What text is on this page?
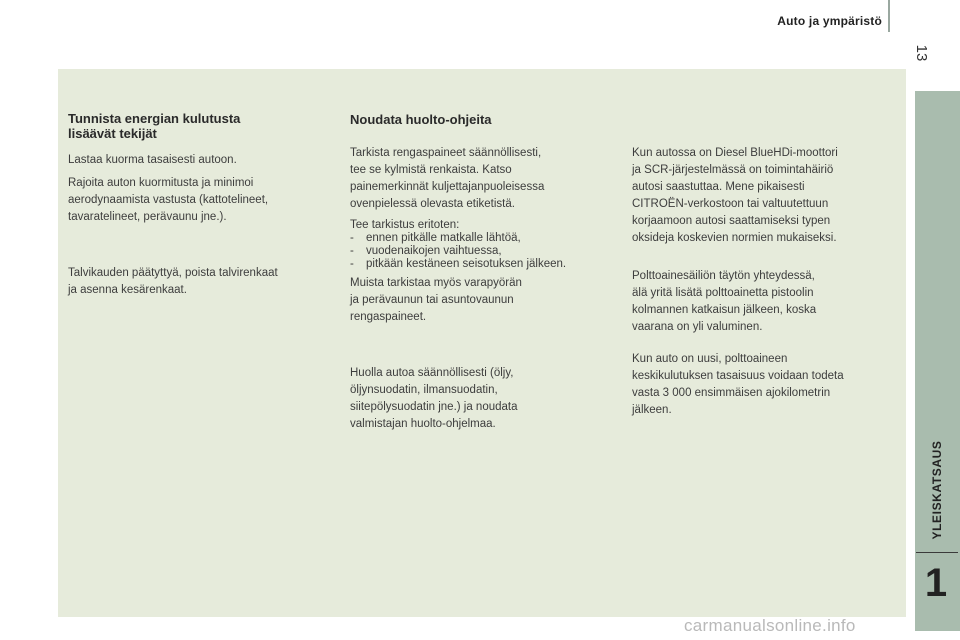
Auto ja ympäristö
13
YLEISKATSAUS
1
Tunnista energian kulutusta
lisäävät tekijät

Lastaa kuorma tasaisesti autoon.

Rajoita auton kuormitusta ja minimoi
aerodynaamista vastusta (kattotelineet,
tavaratelineet, perävaunu jne.).

Talvikauden päätyttyä, poista talvirenkaat
ja asenna kesärenkaat.

Noudata huolto-ohjeita

Tarkista rengaspaineet säännöllisesti,
tee se kylmistä renkaista. Katso
painemerkinnät kuljettajanpuoleisessa
ovenpielessä olevasta etiketistä.

Tee tarkistus eritoten:

- ennen pitkälle matkalle lähtöä,
- vuodenaikojen vaihtuessa,
- pitkään kestäneen seisotuksen jälkeen.

Muista tarkistaa myös varapyörän
ja perävaunun tai asuntovaunun
rengaspaineet.

Huolla autoa säännöllisesti (öljy,
öljynsuodatin, ilmansuodatin,
siitepölysuodatin jne.) ja noudata
valmistajan huolto-ohjelmaa.

Kun autossa on Diesel BlueHDi-moottori
ja SCR-järjestelmässä on toimintahäiriö
autosi saastuttaa. Mene pikaisesti
CITROËN-verkostoon tai valtuutettuun
korjaamoon autosi saattamiseksi typen
oksideja koskevien normien mukaiseksi.

Polttoainesäiliön täytön yhteydessä,
älä yritä lisätä polttoainetta pistoolin
kolmannen katkaisun jälkeen, koska
vaarana on yli valuminen.

Kun auto on uusi, polttoaineen
keskikulutuksen tasaisuus voidaan todeta
vasta 3 000 ensimmäisen ajokilometrin
jälkeen.

carmanualsonline.info
